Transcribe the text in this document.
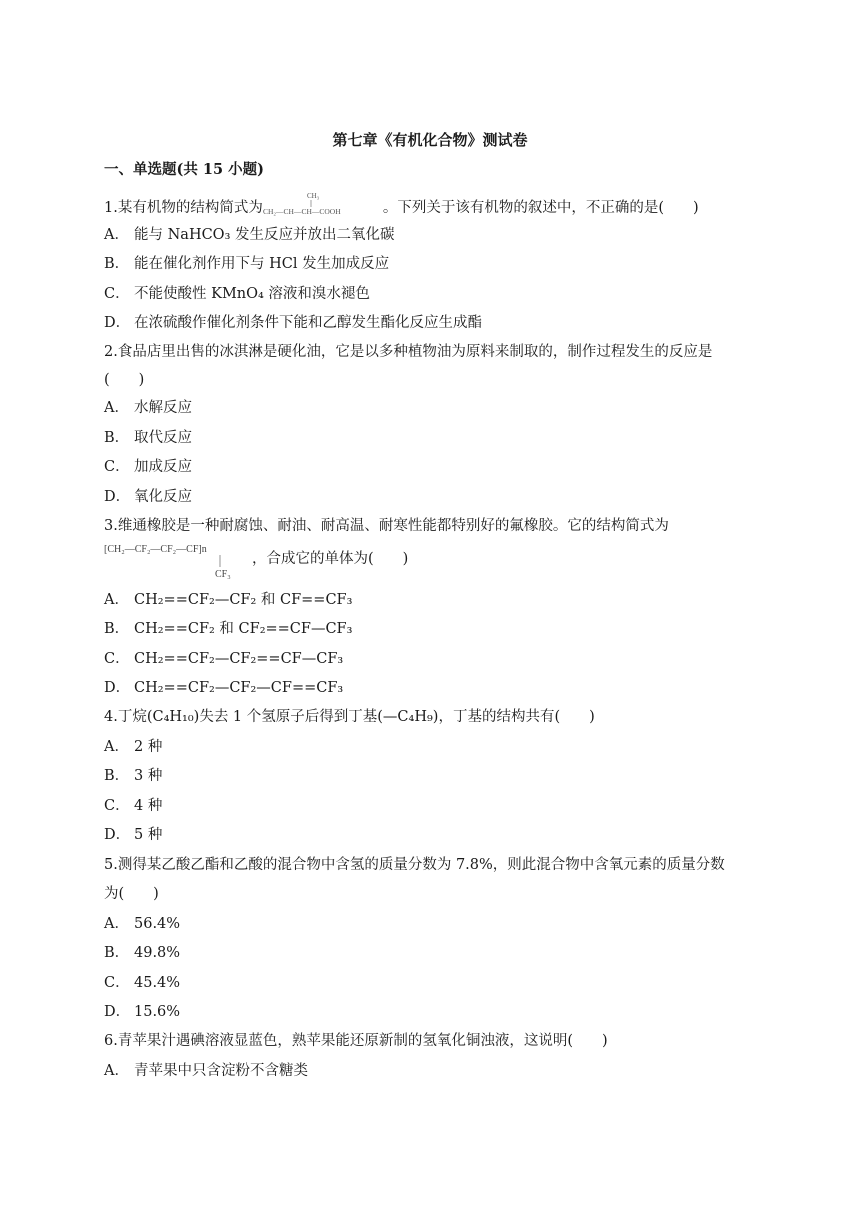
第七章《有机化合物》测试卷
一、单选题(共 15 小题)
1.某有机物的结构简式为
CH₃
CH₂—CH—CH—COOH	。下列关于该有机物的叙述中，不正确的是(　　)
A． 能与 NaHCO₃ 发生反应并放出二氧化碳
B． 能在催化剂作用下与 HCl 发生加成反应
C． 不能使酸性 KMnO₄ 溶液和溴水褪色
D． 在浓硫酸作催化剂条件下能和乙醇发生酯化反应生成酯
2.食品店里出售的冰淇淋是硬化油，它是以多种植物油为原料来制取的，制作过程发生的反应是
(　　)
A． 水解反应
B． 取代反应
C． 加成反应
D． 氧化反应
3.维通橡胶是一种耐腐蚀、耐油、耐高温、耐寒性能都特别好的氟橡胶。它的结构简式为
[CH₂—CF₂—CF₂—CF]n
CF₃
，合成它的单体为(　　)
A． CH₂==CF₂—CF₂ 和 CF==CF₃
B． CH₂==CF₂ 和 CF₂==CF—CF₃
C． CH₂==CF₂—CF₂==CF—CF₃
D． CH₂==CF₂—CF₂—CF==CF₃
4.丁烷(C₄H₁₀)失去 1 个氢原子后得到丁基(—C₄H₉)，丁基的结构共有(　　)
A． 2 种
B． 3 种
C． 4 种
D． 5 种
5.测得某乙酸乙酯和乙酸的混合物中含氢的质量分数为 7.8%，则此混合物中含氧元素的质量分数
为(　　)
A． 56.4%
B． 49.8%
C． 45.4%
D． 15.6%
6.青苹果汁遇碘溶液显蓝色，熟苹果能还原新制的氢氧化铜浊液，这说明(　　)
A． 青苹果中只含淀粉不含糖类
